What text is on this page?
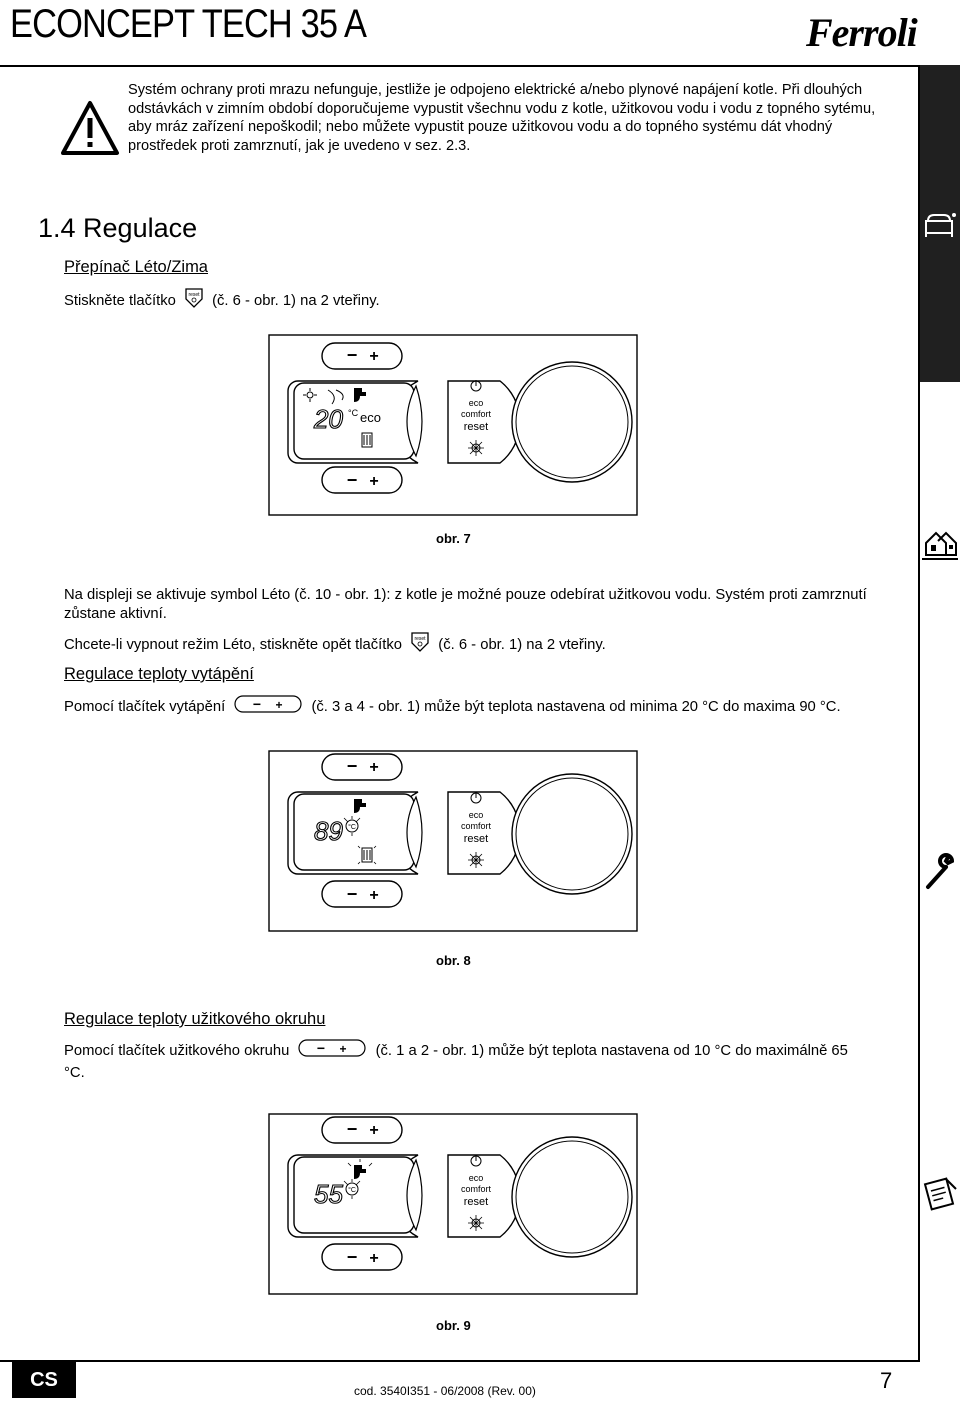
ECONCEPT TECH 35 A	Ferroli
Systém ochrany proti mrazu nefunguje, jestliže je odpojeno elektrické a/nebo plynové napájení kotle. Při dlouhých odstávkách v zimním období doporučujeme vypustit všechnu vodu z kotle, užitkovou vodu i vodu z topného sytému, aby mráz zařízení nepoškodil; nebo můžete vypustit pouze užitkovou vodu a do topného systému dát vhodný prostředek proti zamrznutí, jak je uvedeno v sez. 2.3.
1.4 Regulace
Přepínač Léto/Zima
Stiskněte tlačítko	reset (č. 6 - obr. 1) na 2 vteřiny.
− +
20 °C eco
eco
comfort
reset
− +
obr. 7
Na displeji se aktivuje symbol Léto (č. 10 - obr. 1): z kotle je možné pouze odebírat užitkovou vodu. Systém proti zamrznutí zůstane aktivní.
Chcete-li vypnout režim Léto, stiskněte opět tlačítko	reset (č. 6 - obr. 1) na 2 vteřiny.
Regulace teploty vytápění
Pomocí tlačítek vytápění − + (č. 3 a 4 - obr. 1) může být teplota nastavena od minima 20 °C do maxima 90 °C.
− +
89 °C
eco
comfort
reset
− +
obr. 8
Regulace teploty užitkového okruhu
Pomocí tlačítek užitkového okruhu − + (č. 1 a 2 - obr. 1) může být teplota nastavena od 10 °C do maximálně 65
°C.
− +
55 °C
eco
comfort
reset
− +
obr. 9
CS	cod. 3540I351 - 06/2008 (Rev. 00)	7
